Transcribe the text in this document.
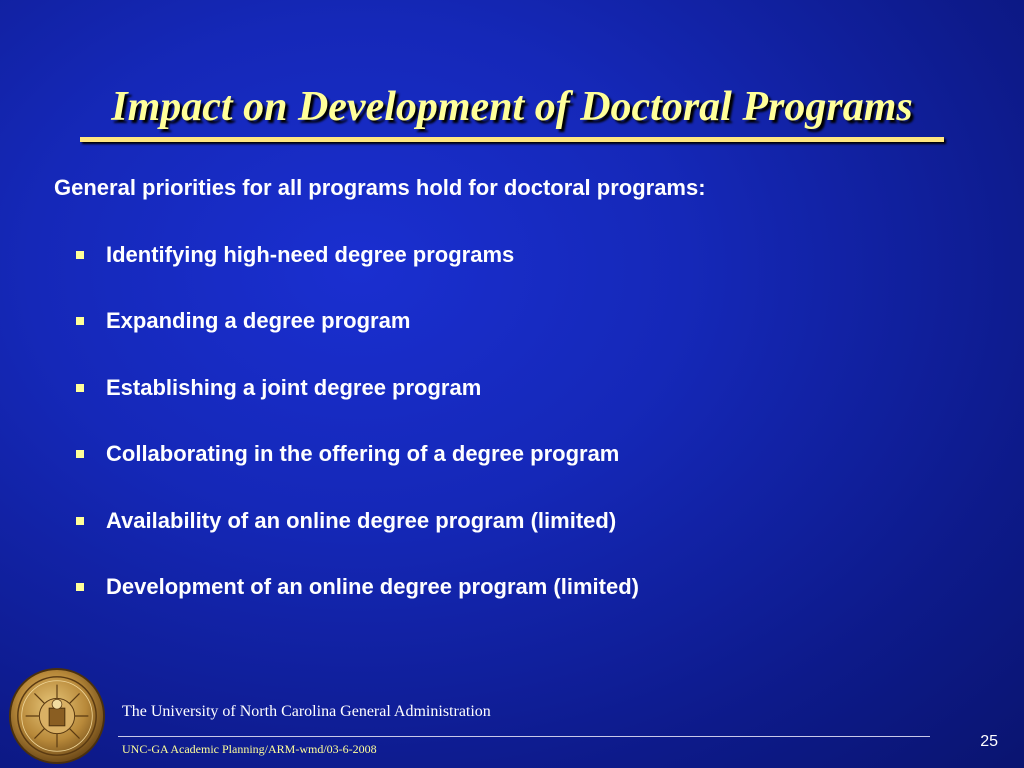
Impact on Development of Doctoral Programs

General priorities for all programs hold for doctoral programs:

Identifying high-need degree programs
Expanding a degree program
Establishing a joint degree program
Collaborating in the offering of a degree program
Availability of an online degree program (limited)
Development of an online degree program (limited)
The University of North Carolina General Administration
UNC-GA Academic Planning/ARM-wmd/03-6-2008	25
